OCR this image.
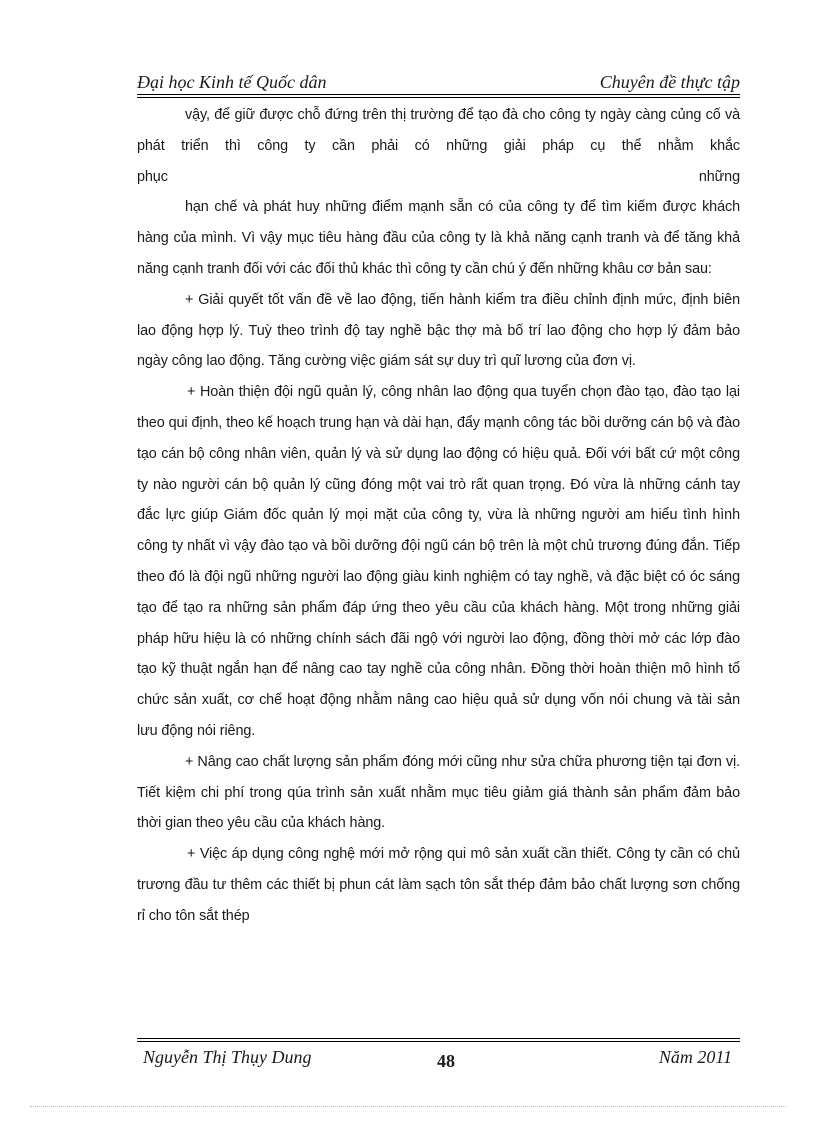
Đại học Kinh tế Quốc dân	Chuyên đề thực tập

vậy, để giữ được chỗ đứng trên thị trường để tạo đà cho công ty ngày càng củng cố và phát triển thì công ty cần phải có những giải pháp cụ thể nhằm khắc

phục những

hạn chế và phát huy những điểm mạnh sẵn có của công ty để tìm kiếm được khách hàng của mình. Vì vậy mục tiêu hàng đầu của công ty là khả năng cạnh tranh và để tăng khả năng cạnh tranh đối với các đối thủ khác thì công ty cần chú ý đến những khâu cơ bản sau:

+ Giải quyết tốt vấn đề về lao động, tiến hành kiểm tra điều chỉnh định mức, định biên lao động hợp lý. Tuỳ theo trình độ tay nghề bậc thợ mà bố trí lao động cho hợp lý đảm bảo ngày công lao động. Tăng cường việc giám sát sự duy trì quĩ lương của đơn vị.

+ Hoàn thiện đội ngũ quản lý, công nhân lao động qua tuyển chọn đào tạo, đào tạo lại theo qui định, theo kế hoạch trung hạn và dài hạn, đẩy mạnh công tác bồi dưỡng cán bộ và đào tạo cán bộ công nhân viên, quản lý và sử dụng lao động có hiệu quả. Đối với bất cứ một công ty nào người cán bộ quản lý cũng đóng một vai trò rất quan trọng. Đó vừa là những cánh tay đắc lực giúp Giám đốc quản lý mọi mặt của công ty, vừa là những người am hiểu tình hình công ty nhất vì vậy đào tạo và bồi dưỡng đội ngũ cán bộ trên là một chủ trương đúng đắn. Tiếp theo đó là đội ngũ những người lao động giàu kinh nghiệm có tay nghề, và đặc biệt có óc sáng tạo để tạo ra những sản phẩm đáp ứng theo yêu cầu của khách hàng. Một trong những giải pháp hữu hiệu là có những chính sách đãi ngộ với người lao động, đồng thời mở các lớp đào tạo kỹ thuật ngắn hạn để nâng cao tay nghề của công nhân. Đồng thời hoàn thiện mô hình tổ chức sản xuất, cơ chế hoạt động nhằm nâng cao hiệu quả sử dụng vốn nói chung và tài sản lưu động nói riêng.

+ Nâng cao chất lượng sản phẩm đóng mới cũng như sửa chữa phương tiện tại đơn vị. Tiết kiệm chi phí trong qúa trình sản xuất nhằm mục tiêu giảm giá thành sản phẩm đảm bảo thời gian theo yêu cầu của khách hàng.

+ Việc áp dụng công nghệ mới mở rộng qui mô sản xuất cần thiết. Công ty cần có chủ trương đầu tư thêm các thiết bị phun cát làm sạch tôn sắt thép đảm bảo chất lượng sơn chống rỉ cho tôn sắt thép

Nguyễn Thị Thụy Dung	48	Năm 2011
